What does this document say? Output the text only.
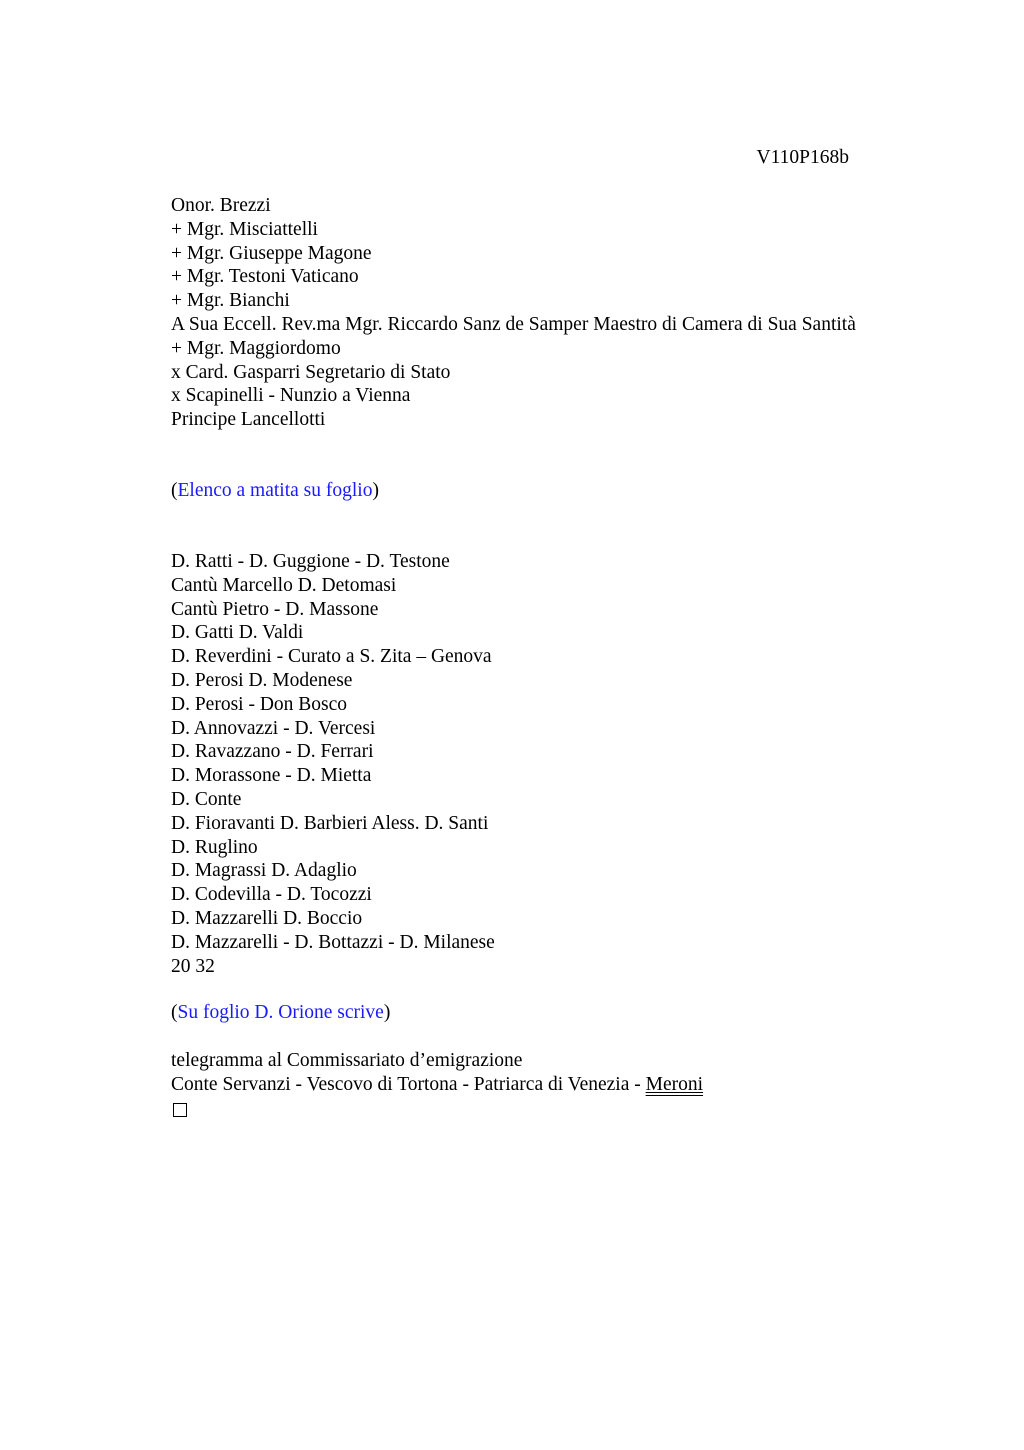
V110P168b
Onor. Brezzi
+ Mgr. Misciattelli
+ Mgr. Giuseppe Magone
+ Mgr. Testoni Vaticano
+ Mgr. Bianchi
A Sua Eccell. Rev.ma Mgr. Riccardo Sanz de Samper Maestro di Camera di Sua Santità
+ Mgr. Maggiordomo
x Card. Gasparri Segretario di Stato
x Scapinelli - Nunzio a Vienna
Principe Lancellotti
(Elenco a matita su foglio)
D. Ratti - D. Guggione - D. Testone
Cantù Marcello D. Detomasi
Cantù Pietro - D. Massone
D. Gatti D. Valdi
D. Reverdini - Curato a S. Zita – Genova
D. Perosi D. Modenese
D. Perosi - Don Bosco
D. Annovazzi - D. Vercesi
D. Ravazzano - D. Ferrari
D. Morassone - D. Mietta
D. Conte
D. Fioravanti D. Barbieri Aless. D. Santi
D. Ruglino
D. Magrassi D. Adaglio
D. Codevilla - D. Tocozzi
D. Mazzarelli D. Boccio
D. Mazzarelli - D. Bottazzi - D. Milanese
20 32
(Su foglio D. Orione scrive)
telegramma al Commissariato d’emigrazione
Conte Servanzi - Vescovo di Tortona - Patriarca di Venezia - Meroni
